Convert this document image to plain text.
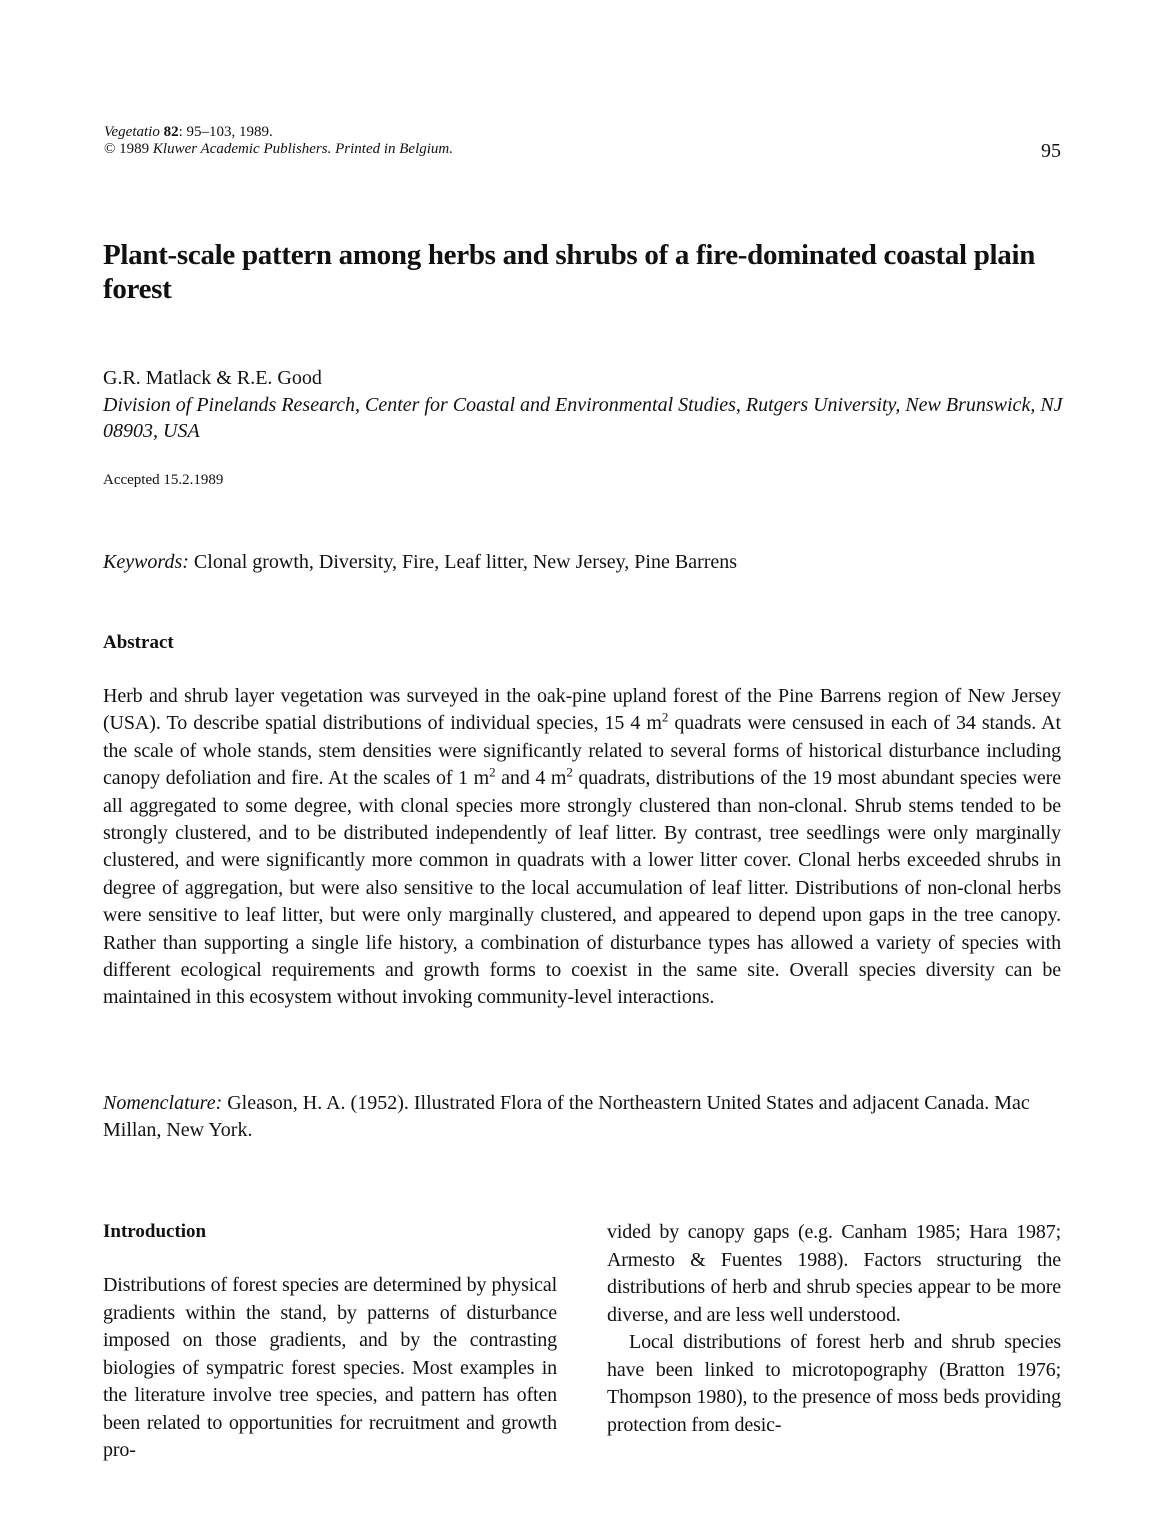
Vegetatio 82: 95–103, 1989.
© 1989 Kluwer Academic Publishers. Printed in Belgium.	95
Plant-scale pattern among herbs and shrubs of a fire-dominated coastal plain forest
G.R. Matlack & R.E. Good
Division of Pinelands Research, Center for Coastal and Environmental Studies, Rutgers University, New Brunswick, NJ 08903, USA
Accepted 15.2.1989
Keywords: Clonal growth, Diversity, Fire, Leaf litter, New Jersey, Pine Barrens
Abstract
Herb and shrub layer vegetation was surveyed in the oak-pine upland forest of the Pine Barrens region of New Jersey (USA). To describe spatial distributions of individual species, 15 4 $m^2$ quadrats were censused in each of 34 stands. At the scale of whole stands, stem densities were significantly related to several forms of historical disturbance including canopy defoliation and fire. At the scales of 1 $m^2$ and 4 $m^2$ quadrats, distributions of the 19 most abundant species were all aggregated to some degree, with clonal species more strongly clustered than non-clonal. Shrub stems tended to be strongly clustered, and to be distributed independently of leaf litter. By contrast, tree seedlings were only marginally clustered, and were significantly more common in quadrats with a lower litter cover. Clonal herbs exceeded shrubs in degree of aggregation, but were also sensitive to the local accumulation of leaf litter. Distributions of non-clonal herbs were sensitive to leaf litter, but were only marginally clustered, and appeared to depend upon gaps in the tree canopy. Rather than supporting a single life history, a combination of disturbance types has allowed a variety of species with different ecological requirements and growth forms to coexist in the same site. Overall species diversity can be maintained in this ecosystem without invoking community-level interactions.
Nomenclature: Gleason, H. A. (1952). Illustrated Flora of the Northeastern United States and adjacent Canada. Mac Millan, New York.
Introduction
Distributions of forest species are determined by physical gradients within the stand, by patterns of disturbance imposed on those gradients, and by the contrasting biologies of sympatric forest species. Most examples in the literature involve tree species, and pattern has often been related to opportunities for recruitment and growth pro-

vided by canopy gaps (e.g. Canham 1985; Hara 1987; Armesto & Fuentes 1988). Factors structuring the distributions of herb and shrub species appear to be more diverse, and are less well understood.

Local distributions of forest herb and shrub species have been linked to microtopography (Bratton 1976; Thompson 1980), to the presence of moss beds providing protection from desic-
